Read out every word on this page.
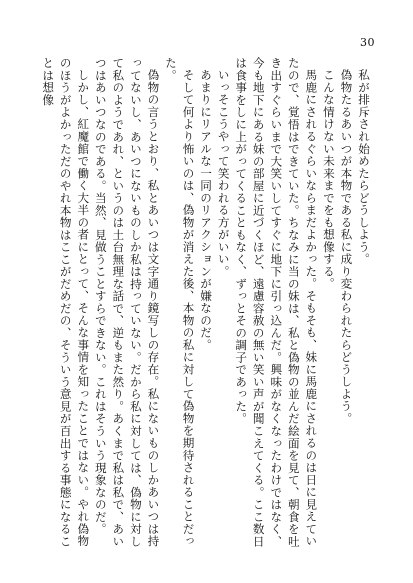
30

私が排斥され始めたらどうしよう。

偽物たるあいつが本物である私に成り変わられたらどうしよう。

こんな情けない未来までをも想像する。

馬鹿にされるぐらいならまだよかった。そもそも、妹に馬鹿にされるのは日に見えていたので、覚悟はできていた。ちなみに当の妹は、私と偽物の並んだ絵面を見て、朝食を吐き出すぐらいまで大笑いしてすぐに地下に引っ込んだ。興味がなくなったわけではなく、今も地下にある妹の部屋に近づくほど、遠慮容赦の無い笑い声が聞こえてくる。ここ数日は食事をしに上がってくることもなく、ずっとその調子であった。

いっそこうやって笑われる方がいい。

あまりにリアルな一同のリアクションが嫌なのだ。

そして何より怖いのは、偽物が消えた後、本物の私に対して偽物を期待されることだった。

偽物の言うとおり、私とあいつは文字通り鏡写しの存在。私にないものしかあいつは持ってないし、あいつにないものしか私は持っていない。だから私に対しては、偽物に対して私のようであれ、というのは土台無理な話で、逆もまた然り。あくまで私は私で、あいつはあいつなのである。当然、見做うことすらできない。これはそういう現象なのだ。

しかし、紅魔館で働く大半の者にとって、そんな事情を知ったことではない。やれ偽物のほうがよかっただのやれ本物はここがだめだの、そういう意見が百出する事態になることは想像
